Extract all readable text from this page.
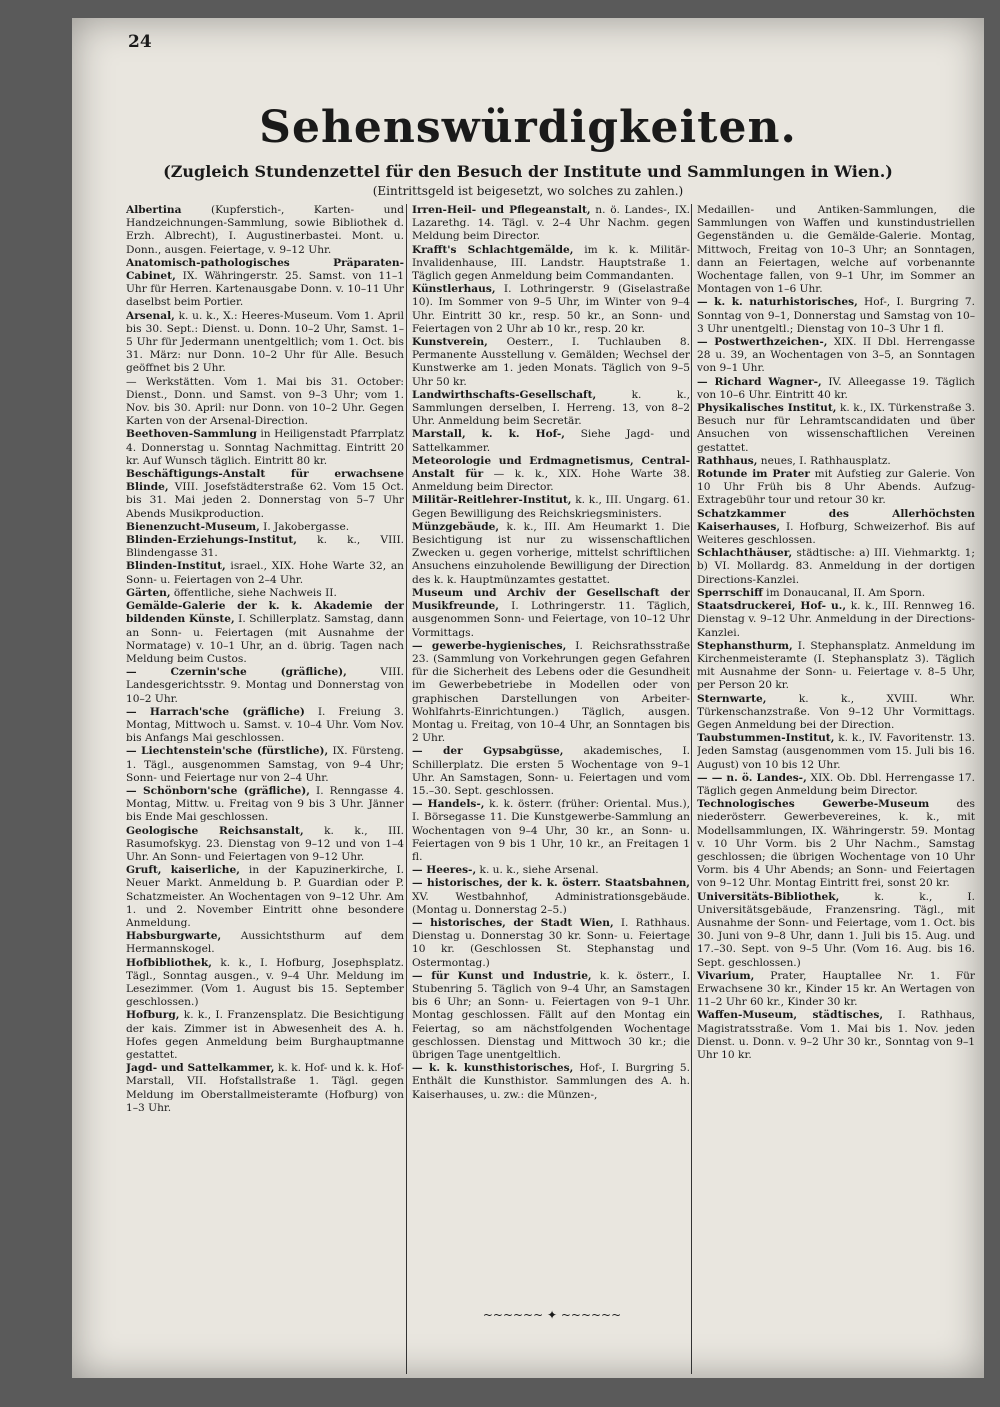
24
Sehenswürdigkeiten.
(Zugleich Stundenzettel für den Besuch der Institute und Sammlungen in Wien.)
(Eintrittsgeld ist beigesetzt, wo solches zu zahlen.)
Albertina (Kupferstich-, Karten- und Handzeichnungen-Sammlung, sowie Bibliothek d. Erzh. Albrecht), I. Augustinerbastei. Mont. u. Donn., ausgen. Feiertage, v. 9–12 Uhr.
Anatomisch-pathologisches Präparaten-Cabinet, IX. Währingerstr. 25. Samst. von 11–1 Uhr für Herren. Kartenausgabe Donn. v. 10–11 Uhr daselbst beim Portier.
Arsenal, k. u. k., X.: Heeres-Museum. Vom 1. April bis 30. Sept.: Dienst. u. Donn. 10–2 Uhr, Samst. 1–5 Uhr für Jedermann unentgeltlich; vom 1. Oct. bis 31. März: nur Donn. 10–2 Uhr für Alle. Besuch geöffnet bis 2 Uhr.
— Werkstätten. Vom 1. Mai bis 31. October: Dienst., Donn. und Samst. von 9–3 Uhr; vom 1. Nov. bis 30. April: nur Donn. von 10–2 Uhr. Gegen Karten von der Arsenal-Direction.
Beethoven-Sammlung in Heiligenstadt Pfarrplatz 4. Donnerstag u. Sonntag Nachmittag. Eintritt 20 kr. Auf Wunsch täglich. Eintritt 80 kr.
Beschäftigungs-Anstalt für erwachsene Blinde, VIII. Josefstädterstraße 62. Vom 15 Oct. bis 31. Mai jeden 2. Donnerstag von 5–7 Uhr Abends Musikproduction.
Bienenzucht-Museum, I. Jakobergasse.
Blinden-Erziehungs-Institut, k. k., VIII. Blindengasse 31.
Blinden-Institut, israel., XIX. Hohe Warte 32, an Sonn- u. Feiertagen von 2–4 Uhr.
Gärten, öffentliche, siehe Nachweis II.
Gemälde-Galerie der k. k. Akademie der bildenden Künste, I. Schillerplatz. Samstag, dann an Sonn- u. Feiertagen (mit Ausnahme der Normatage) v. 10–1 Uhr, an d. übrig. Tagen nach Meldung beim Custos.
— Czernin'sche (gräfliche), VIII. Landesgerichtsstr. 9. Montag und Donnerstag von 10–2 Uhr.
— Harrach'sche (gräfliche) I. Freiung 3. Montag, Mittwoch u. Samst. v. 10–4 Uhr. Vom Nov. bis Anfangs Mai geschlossen.
— Liechtenstein'sche (fürstliche), IX. Fürsteng. 1. Tägl., ausgenommen Samstag, von 9–4 Uhr; Sonn- und Feiertage nur von 2–4 Uhr.
— Schönborn'sche (gräfliche), I. Renngasse 4. Montag, Mittw. u. Freitag von 9 bis 3 Uhr. Jänner bis Ende Mai geschlossen.
Geologische Reichsanstalt, k. k., III. Rasumofskyg. 23. Dienstag von 9–12 und von 1–4 Uhr. An Sonn- und Feiertagen von 9–12 Uhr.
Gruft, kaiserliche, in der Kapuzinerkirche, I. Neuer Markt. Anmeldung b. P. Guardian oder P. Schatzmeister. An Wochentagen von 9–12 Uhr. Am 1. und 2. November Eintritt ohne besondere Anmeldung.
Habsburgwarte, Aussichtsthurm auf dem Hermannskogel.
Hofbibliothek, k. k., I. Hofburg, Josephsplatz. Tägl., Sonntag ausgen., v. 9–4 Uhr. Meldung im Lesezimmer. (Vom 1. August bis 15. September geschlossen.)
Hofburg, k. k., I. Franzensplatz. Die Besichtigung der kais. Zimmer ist in Abwesenheit des A. h. Hofes gegen Anmeldung beim Burghauptmanne gestattet.
Jagd- und Sattelkammer, k. k. Hof- und k. k. Hof-Marstall, VII. Hofstallstraße 1. Tägl. gegen Meldung im Oberstallmeisteramte (Hofburg) von 1–3 Uhr.
Irren-Heil- und Pflegeanstalt, n. ö. Landes-, IX. Lazarethg. 14. Tägl. v. 2–4 Uhr Nachm. gegen Meldung beim Director.
Krafft's Schlachtgemälde, im k. k. Militär-Invalidenhause, III. Landstr. Hauptstraße 1. Täglich gegen Anmeldung beim Commandanten.
Künstlerhaus, I. Lothringerstr. 9 (Giselastraße 10). Im Sommer von 9–5 Uhr, im Winter von 9–4 Uhr. Eintritt 30 kr., resp. 50 kr., an Sonn- und Feiertagen von 2 Uhr ab 10 kr., resp. 20 kr.
Kunstverein, Oesterr., I. Tuchlauben 8. Permanente Ausstellung v. Gemälden; Wechsel der Kunstwerke am 1. jeden Monats. Täglich von 9–5 Uhr 50 kr.
Landwirthschafts-Gesellschaft, k. k., Sammlungen derselben, I. Herreng. 13, von 8–2 Uhr. Anmeldung beim Secretär.
Marstall, k. k. Hof-, Siehe Jagd- und Sattelkammer.
Meteorologie und Erdmagnetismus, Central-Anstalt für — k. k., XIX. Hohe Warte 38. Anmeldung beim Director.
Militär-Reitlehrer-Institut, k. k., III. Ungarg. 61. Gegen Bewilligung des Reichskriegsministers.
Münzgebäude, k. k., III. Am Heumarkt 1. Die Besichtigung ist nur zu wissenschaftlichen Zwecken u. gegen vorherige, mittelst schriftlichen Ansuchens einzuholende Bewilligung der Direction des k. k. Hauptmünzamtes gestattet.
Museum und Archiv der Gesellschaft der Musikfreunde, I. Lothringerstr. 11. Täglich, ausgenommen Sonn- und Feiertage, von 10–12 Uhr Vormittags.
— gewerbe-hygienisches, I. Reichsrathsstraße 23. (Sammlung von Vorkehrungen gegen Gefahren für die Sicherheit des Lebens oder die Gesundheit im Gewerbebetriebe in Modellen oder von graphischen Darstellungen von Arbeiter-Wohlfahrts-Einrichtungen.) Täglich, ausgen. Montag u. Freitag, von 10–4 Uhr, an Sonntagen bis 2 Uhr.
— der Gypsabgüsse, akademisches, I. Schillerplatz. Die ersten 5 Wochentage von 9–1 Uhr. An Samstagen, Sonn- u. Feiertagen und vom 15.–30. Sept. geschlossen.
— Handels-, k. k. österr. (früher: Oriental. Mus.), I. Börsegasse 11. Die Kunstgewerbe-Sammlung an Wochentagen von 9–4 Uhr, 30 kr., an Sonn- u. Feiertagen von 9 bis 1 Uhr, 10 kr., an Freitagen 1 fl.
— Heeres-, k. u. k., siehe Arsenal.
— historisches, der k. k. österr. Staatsbahnen, XV. Westbahnhof, Administrationsgebäude. (Montag u. Donnerstag 2–5.)
— historisches, der Stadt Wien, I. Rathhaus. Dienstag u. Donnerstag 30 kr. Sonn- u. Feiertage 10 kr. (Geschlossen St. Stephanstag und Ostermontag.)
— für Kunst und Industrie, k. k. österr., I. Stubenring 5. Täglich von 9–4 Uhr, an Samstagen bis 6 Uhr; an Sonn- u. Feiertagen von 9–1 Uhr. Montag geschlossen. Fällt auf den Montag ein Feiertag, so am nächstfolgenden Wochentage geschlossen. Dienstag und Mittwoch 30 kr.; die übrigen Tage unentgeltlich.
— k. k. kunsthistorisches, Hof-, I. Burgring 5. Enthält die Kunsthistor. Sammlungen des A. h. Kaiserhauses, u. zw.: die Münzen-,
Medaillen- und Antiken-Sammlungen, die Sammlungen von Waffen und kunstindustriellen Gegenständen u. die Gemälde-Galerie. Montag, Mittwoch, Freitag von 10–3 Uhr; an Sonntagen, dann an Feiertagen, welche auf vorbenannte Wochentage fallen, von 9–1 Uhr, im Sommer an Montagen von 1–6 Uhr.
— k. k. naturhistorisches, Hof-, I. Burgring 7. Sonntag von 9–1, Donnerstag und Samstag von 10–3 Uhr unentgeltl.; Dienstag von 10–3 Uhr 1 fl.
— Postwerthzeichen-, XIX. II Dbl. Herrengasse 28 u. 39, an Wochentagen von 3–5, an Sonntagen von 9–1 Uhr.
— Richard Wagner-, IV. Alleegasse 19. Täglich von 10–6 Uhr. Eintritt 40 kr.
Physikalisches Institut, k. k., IX. Türkenstraße 3. Besuch nur für Lehramtscandidaten und über Ansuchen von wissenschaftlichen Vereinen gestattet.
Rathhaus, neues, I. Rathhausplatz.
Rotunde im Prater mit Aufstieg zur Galerie. Von 10 Uhr Früh bis 8 Uhr Abends. Aufzug-Extragebühr tour und retour 30 kr.
Schatzkammer des Allerhöchsten Kaiserhauses, I. Hofburg, Schweizerhof. Bis auf Weiteres geschlossen.
Schlachthäuser, städtische: a) III. Viehmarktg. 1; b) VI. Mollardg. 83. Anmeldung in der dortigen Directions-Kanzlei.
Sperrschiff im Donaucanal, II. Am Sporn.
Staatsdruckerei, Hof- u., k. k., III. Rennweg 16. Dienstag v. 9–12 Uhr. Anmeldung in der Directions-Kanzlei.
Stephansthurm, I. Stephansplatz. Anmeldung im Kirchenmeisteramte (I. Stephansplatz 3). Täglich mit Ausnahme der Sonn- u. Feiertage v. 8–5 Uhr, per Person 20 kr.
Sternwarte, k. k., XVIII. Whr. Türkenschanzstraße. Von 9–12 Uhr Vormittags. Gegen Anmeldung bei der Direction.
Taubstummen-Institut, k. k., IV. Favoritenstr. 13. Jeden Samstag (ausgenommen vom 15. Juli bis 16. August) von 10 bis 12 Uhr.
— — n. ö. Landes-, XIX. Ob. Dbl. Herrengasse 17. Täglich gegen Anmeldung beim Director.
Technologisches Gewerbe-Museum des niederösterr. Gewerbevereines, k. k., mit Modellsammlungen, IX. Währingerstr. 59. Montag v. 10 Uhr Vorm. bis 2 Uhr Nachm., Samstag geschlossen; die übrigen Wochentage von 10 Uhr Vorm. bis 4 Uhr Abends; an Sonn- und Feiertagen von 9–12 Uhr. Montag Eintritt frei, sonst 20 kr.
Universitäts-Bibliothek, k. k., I. Universitätsgebäude, Franzensring. Tägl., mit Ausnahme der Sonn- und Feiertage, vom 1. Oct. bis 30. Juni von 9–8 Uhr, dann 1. Juli bis 15. Aug. und 17.–30. Sept. von 9–5 Uhr. (Vom 16. Aug. bis 16. Sept. geschlossen.)
Vivarium, Prater, Hauptallee Nr. 1. Für Erwachsene 30 kr., Kinder 15 kr. An Wertagen von 11–2 Uhr 60 kr., Kinder 30 kr.
Waffen-Museum, städtisches, I. Rathhaus, Magistratsstraße. Vom 1. Mai bis 1. Nov. jeden Dienst. u. Donn. v. 9–2 Uhr 30 kr., Sonntag von 9–1 Uhr 10 kr.
~~~~~~ ✦ ~~~~~~
